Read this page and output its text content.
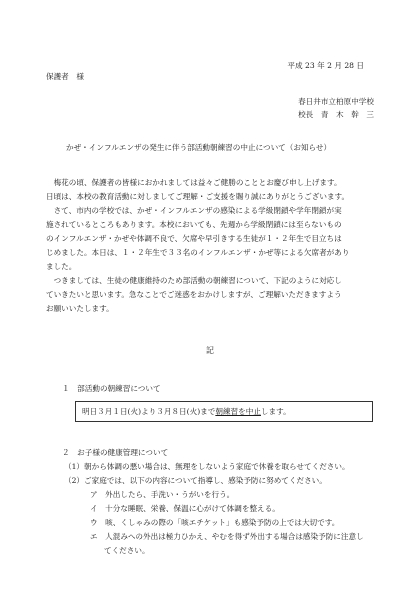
平成 23 年 2 月 28 日
保護者　様
春日井市立柏原中学校
校長　青　木　幹　三
かぜ・インフルエンザの発生に伴う部活動朝練習の中止について（お知らせ）
　梅花の頃、保護者の皆様におかれましては益々ご健勝のこととお慶び申し上げます。
日頃は、本校の教育活動に対しましてご理解・ご支援を賜り誠にありがとうございます。
　さて、市内の学校では、かぜ・インフルエンザの感染による学級閉鎖や学年閉鎖が実
施されているところもあります。本校においても、先週から学級閉鎖には至らないもの
のインフルエンザ・かぜや体調不良で、欠席や早引きする生徒が１・２年生で目立ちは
じめました。本日は、１・２年生で３３名のインフルエンザ・かぜ等による欠席者があり
ました。
　つきましては、生徒の健康維持のため部活動の朝練習について、下記のように対応し
ていきたいと思います。急なことでご迷惑をおかけしますが、ご理解いただきますよう
お願いいたします。
記
１　部活動の朝練習について
明日３月１日(火)より３月８日(火)まで朝練習を中止します。
２　お子様の健康管理について
（1）朝から体調の悪い場合は、無理をしないよう家庭で休養を取らせてください。
（2）ご家庭では、以下の内容について指導し、感染予防に努めてください。
ア　外出したら、手洗い・うがいを行う。
イ　十分な睡眠、栄養、保温に心がけて体調を整える。
ウ　咳、くしゃみの際の「咳エチケット」も感染予防の上では大切です。
エ　人混みへの外出は極力ひかえ、やむを得ず外出する場合は感染予防に注意し
てください。
